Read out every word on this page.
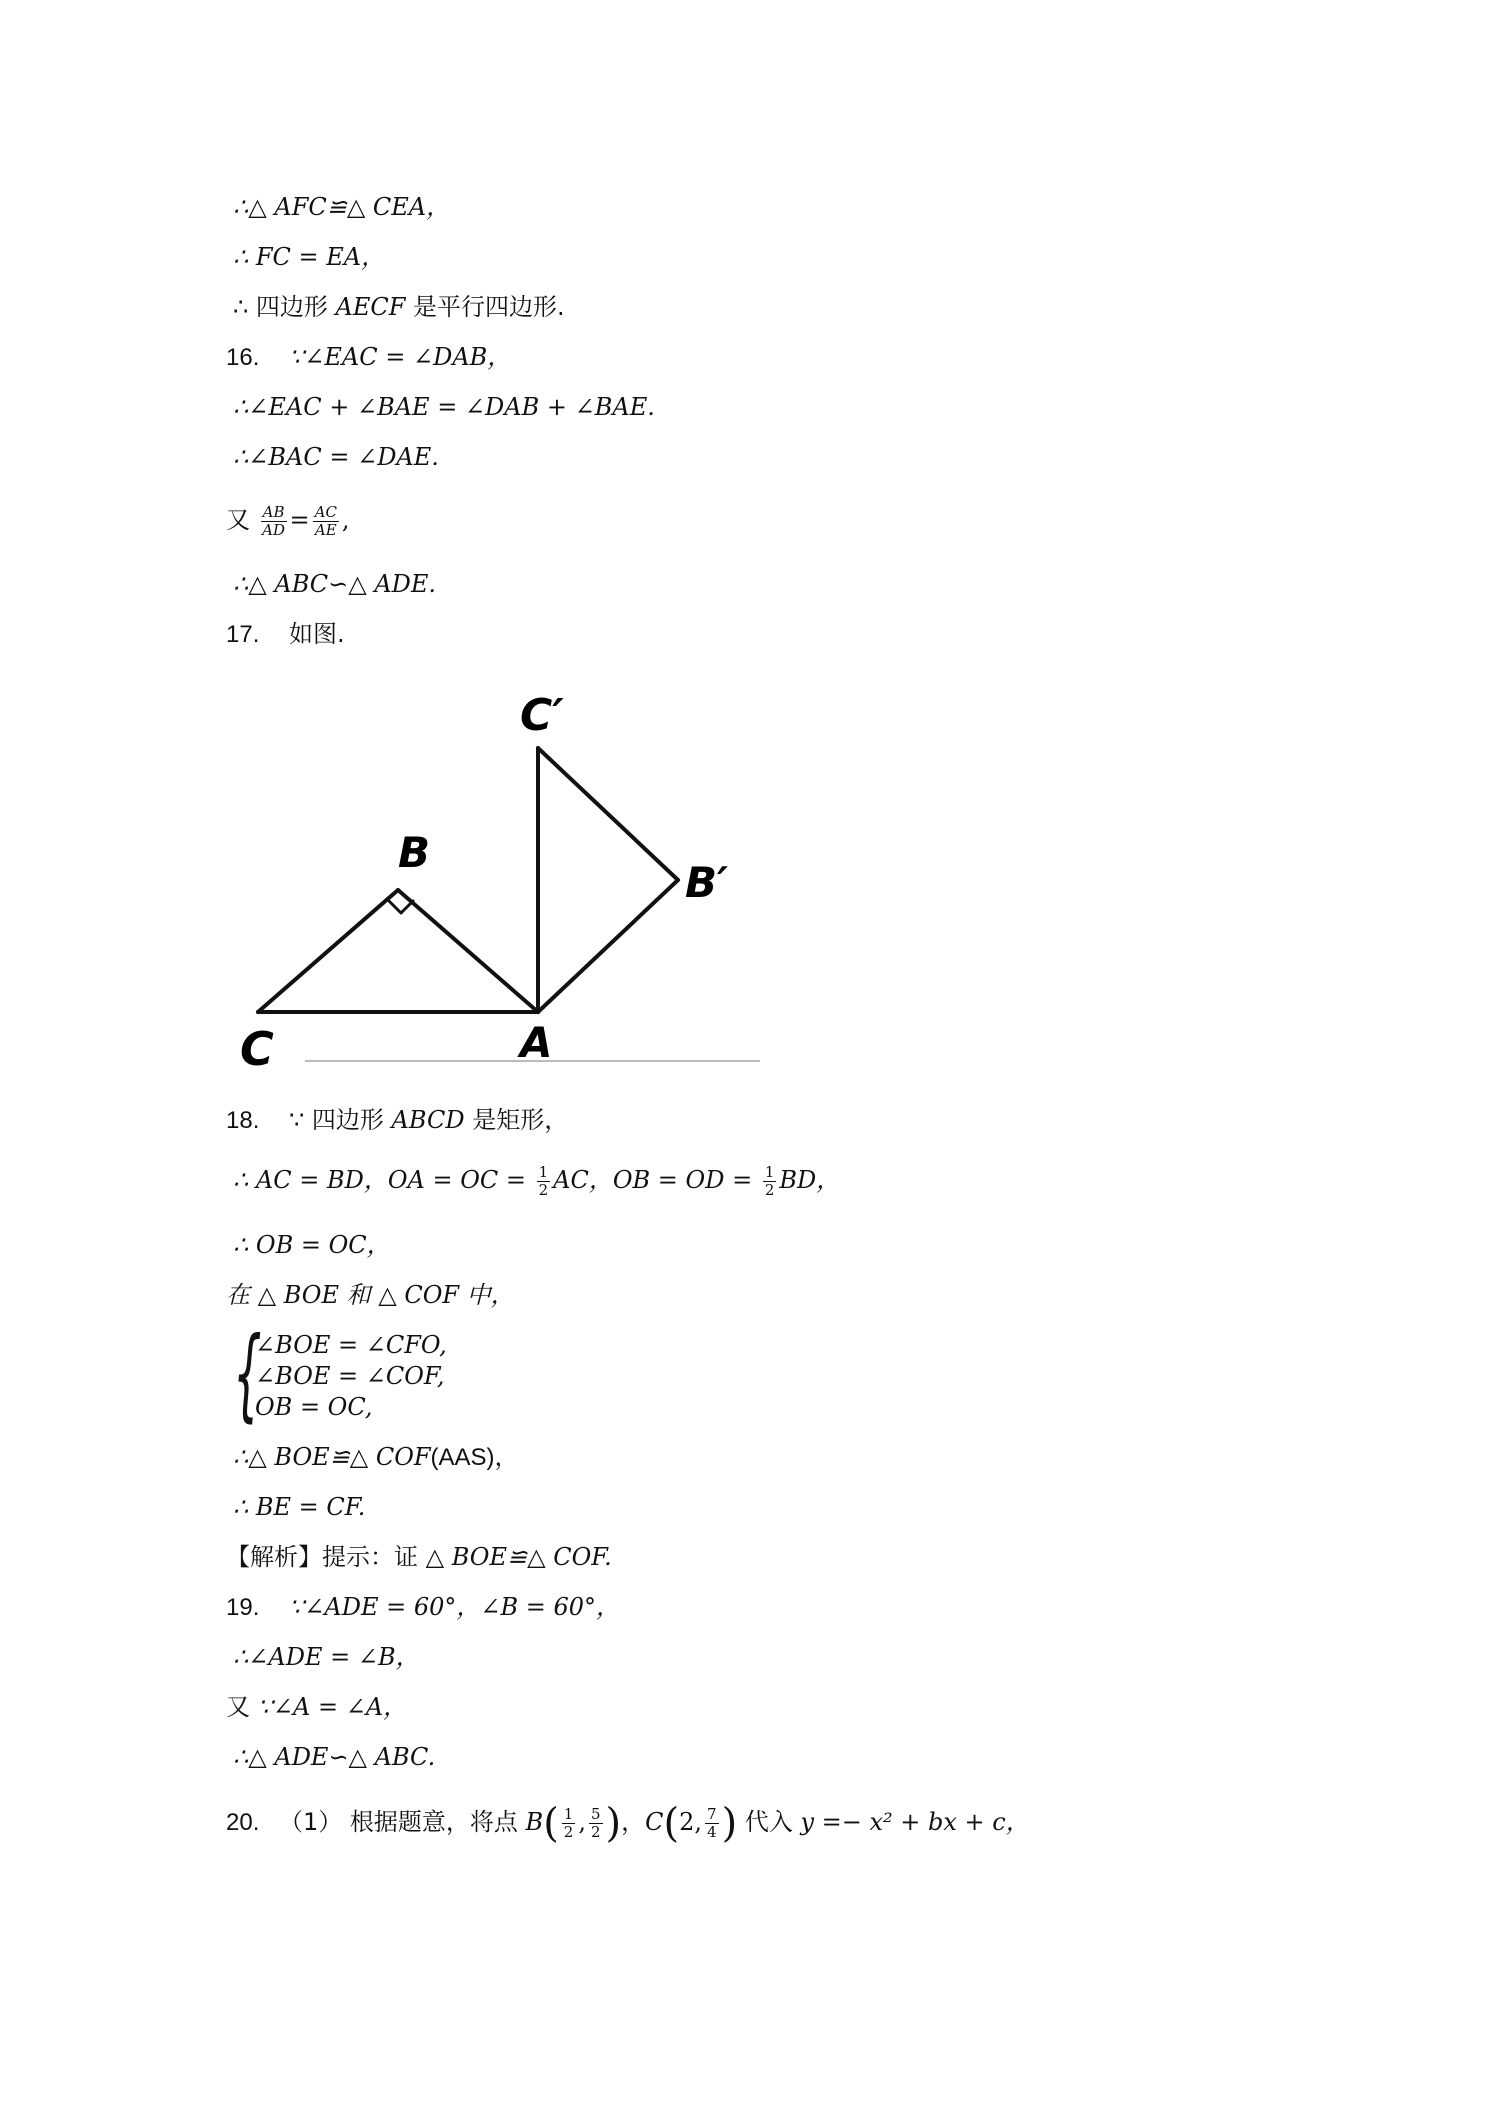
∴△ AFC≌△ CEA，
∴ FC = EA，
∴ 四边形 AECF 是平行四边形.
16. ∵∠EAC = ∠DAB，
∴∠EAC + ∠BAE = ∠DAB + ∠BAE.
∴∠BAC = ∠DAE.
又 $\frac{AB}{AD} = \frac{AC}{AE}$ ,
∴△ ABC∽△ ADE.
17. 如图.
C′
B
B′
C	A
18. ∵ 四边形 ABCD 是矩形，
∴ AC = BD，OA = OC = $\frac{1}{2}$ AC，OB = OD = $\frac{1}{2}$ BD，
∴ OB = OC，
在 △ BOE 和 △ COF 中，
{
∠BOE = ∠CFO,
∠BOE = ∠COF,
OB = OC,
∴△ BOE≌△ COF(AAS)，
∴ BE = CF.
【解析】提示：证 △ BOE≌△ COF.
19. ∵∠ADE = 60°，∠B = 60°，
∴∠ADE = ∠B，
又 ∵∠A = ∠A，
∴△ ADE∽△ ABC.
20. （1） 根据题意，将点 $B( \frac{1}{2}$ , $\frac{5}{2}$ )，C(2, $\frac{7}{4}$ ) 代入 y =− x² + bx + c，
